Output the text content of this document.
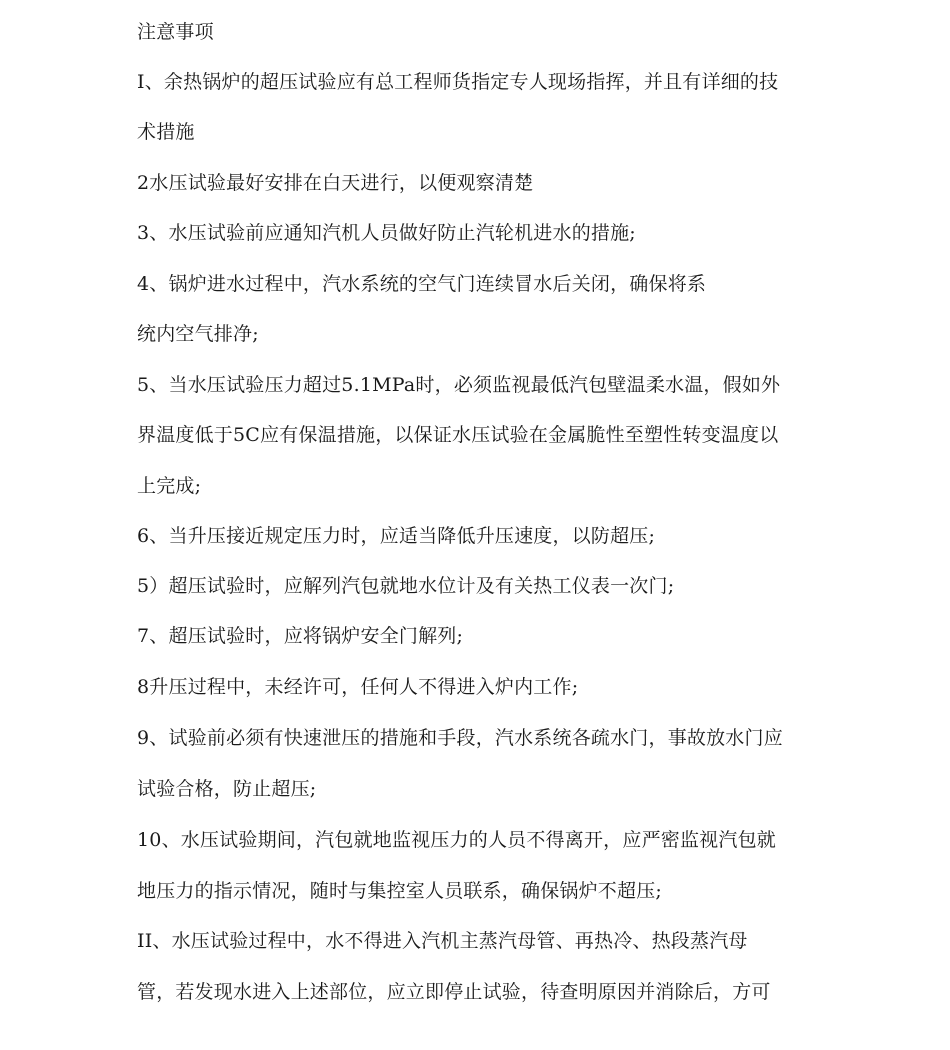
注意事项

I、余热锅炉的超压试验应有总工程师货指定专人现场指挥，并且有详细的技

术措施

2水压试验最好安排在白天进行，以便观察清楚

3、水压试验前应通知汽机人员做好防止汽轮机进水的措施;

4、锅炉进水过程中，汽水系统的空气门连续冒水后关闭，确保将系

统内空气排净;

5、当水压试验压力超过5.1MPa时，必须监视最低汽包壁温柔水温，假如外

界温度低于5C应有保温措施，以保证水压试验在金属脆性至塑性转变温度以

上完成;

6、当升压接近规定压力时，应适当降低升压速度，以防超压;

5）超压试验时，应解列汽包就地水位计及有关热工仪表一次门;

7、超压试验时，应将锅炉安全门解列;

8升压过程中，未经许可，任何人不得进入炉内工作;

9、试验前必须有快速泄压的措施和手段，汽水系统各疏水门，事故放水门应

试验合格，防止超压;

10、水压试验期间，汽包就地监视压力的人员不得离开，应严密监视汽包就

地压力的指示情况，随时与集控室人员联系，确保锅炉不超压;

II、水压试验过程中，水不得进入汽机主蒸汽母管、再热冷、热段蒸汽母

管，若发现水进入上述部位，应立即停止试验，待查明原因并消除后，方可
